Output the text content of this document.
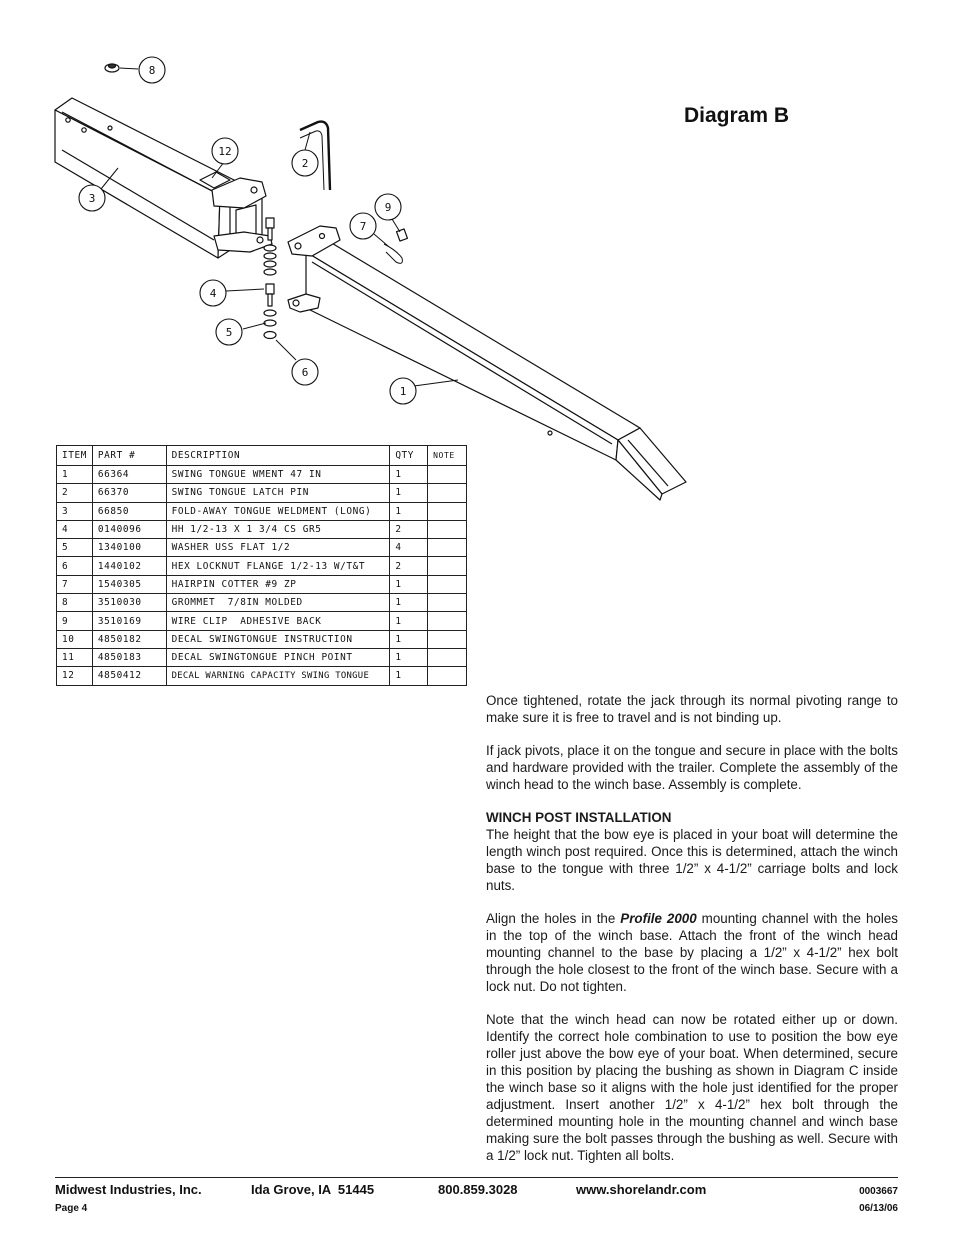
Diagram B
8
12
2
3
9
7
4
5
6
1
ITEM	PART #	DESCRIPTION	QTY	NOTE
1	66364	SWING TONGUE WMENT 47 IN	1	
2	66370	SWING TONGUE LATCH PIN	1	
3	66850	FOLD-AWAY TONGUE WELDMENT (LONG)	1	
4	0140096	HH 1/2-13 X 1 3/4 CS GR5	2	
5	1340100	WASHER USS FLAT 1/2	4	
6	1440102	HEX LOCKNUT FLANGE 1/2-13 W/T&T	2	
7	1540305	HAIRPIN COTTER #9 ZP	1	
8	3510030	GROMMET  7/8IN MOLDED	1	
9	3510169	WIRE CLIP  ADHESIVE BACK	1	
10	4850182	DECAL SWINGTONGUE INSTRUCTION	1	
11	4850183	DECAL SWINGTONGUE PINCH POINT	1	
12	4850412	DECAL WARNING CAPACITY SWING TONGUE	1	

Once tightened, rotate the jack through its normal pivoting range to make sure it is free to travel and is not binding up.

If jack pivots, place it on the tongue and secure in place with the bolts and hardware provided with the trailer. Complete the assembly of the winch head to the winch base. Assembly is complete.

WINCH POST INSTALLATION

The height that the bow eye is placed in your boat will determine the length winch post required. Once this is determined, attach the winch base to the tongue with three 1/2” x 4-1/2” carriage bolts and lock nuts.

Align the holes in the Profile 2000 mounting channel with the holes in the top of the winch base. Attach the front of the winch head mounting channel to the base by placing a 1/2” x 4-1/2” hex bolt through the hole closest to the front of the winch base. Secure with a lock nut. Do not tighten.

Note that the winch head can now be rotated either up or down. Identify the correct hole combination to use to position the bow eye roller just above the bow eye of your boat. When determined, secure in this position by placing the bushing as shown in Diagram C inside the winch base so it aligns with the hole just identified for the proper adjustment. Insert another 1/2” x 4-1/2” hex bolt through the determined mounting hole in the mounting channel and winch base making sure the bolt passes through the bushing as well. Secure with a 1/2” lock nut. Tighten all bolts.

Midwest Industries, Inc.	Ida Grove, IA  51445	800.859.3028	www.shorelandr.com
Page 4
0003667
06/13/06
